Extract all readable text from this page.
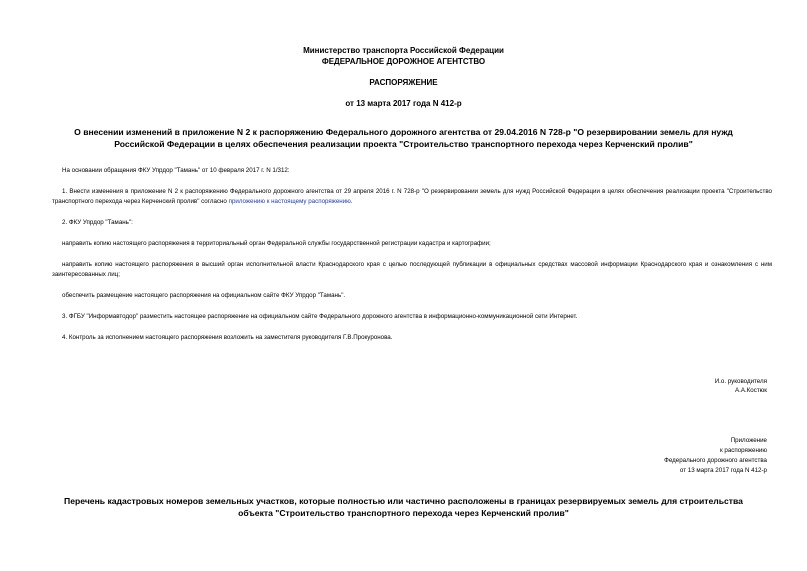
Министерство транспорта Российской Федерации
ФЕДЕРАЛЬНОЕ ДОРОЖНОЕ АГЕНТСТВО
РАСПОРЯЖЕНИЕ
от 13 марта 2017 года N 412-р
О внесении изменений в приложение N 2 к распоряжению Федерального дорожного агентства от 29.04.2016 N 728-р "О резервировании земель для нужд
Российской Федерации в целях обеспечения реализации проекта "Строительство транспортного перехода через Керченский пролив"
На основании обращения ФКУ Упрдор "Тамань" от 10 февраля 2017 г. N 1/312:
1. Внести изменения в приложение N 2 к распоряжению Федерального дорожного агентства от 29 апреля 2016 г. N 728-р "О резервировании земель для нужд Российской Федерации в целях обеспечения реализации проекта "Строительство транспортного перехода через Керченский пролив" согласно приложению к настоящему распоряжению.
2. ФКУ Упрдор "Тамань":
направить копию настоящего распоряжения в территориальный орган Федеральной службы государственной регистрации кадастра и картографии;
направить копию настоящего распоряжения в высший орган исполнительной власти Краснодарского края с целью последующей публикации в официальных средствах массовой информации Краснодарского края и ознакомления с ним заинтересованных лиц;
обеспечить размещение настоящего распоряжения на официальном сайте ФКУ Упрдор "Тамань".
3. ФГБУ "Информавтодор" разместить настоящее распоряжение на официальном сайте Федерального дорожного агентства в информационно-коммуникационной сети Интернет.
4. Контроль за исполнением настоящего распоряжения возложить на заместителя руководителя Г.В.Прокуронова.
И.о. руководителя
А.А.Костюк
Приложение
к распоряжению
Федерального дорожного агентства
от 13 марта 2017 года N 412-р
Перечень кадастровых номеров земельных участков, которые полностью или частично расположены в границах резервируемых земель для строительства
объекта "Строительство транспортного перехода через Керченский пролив"
